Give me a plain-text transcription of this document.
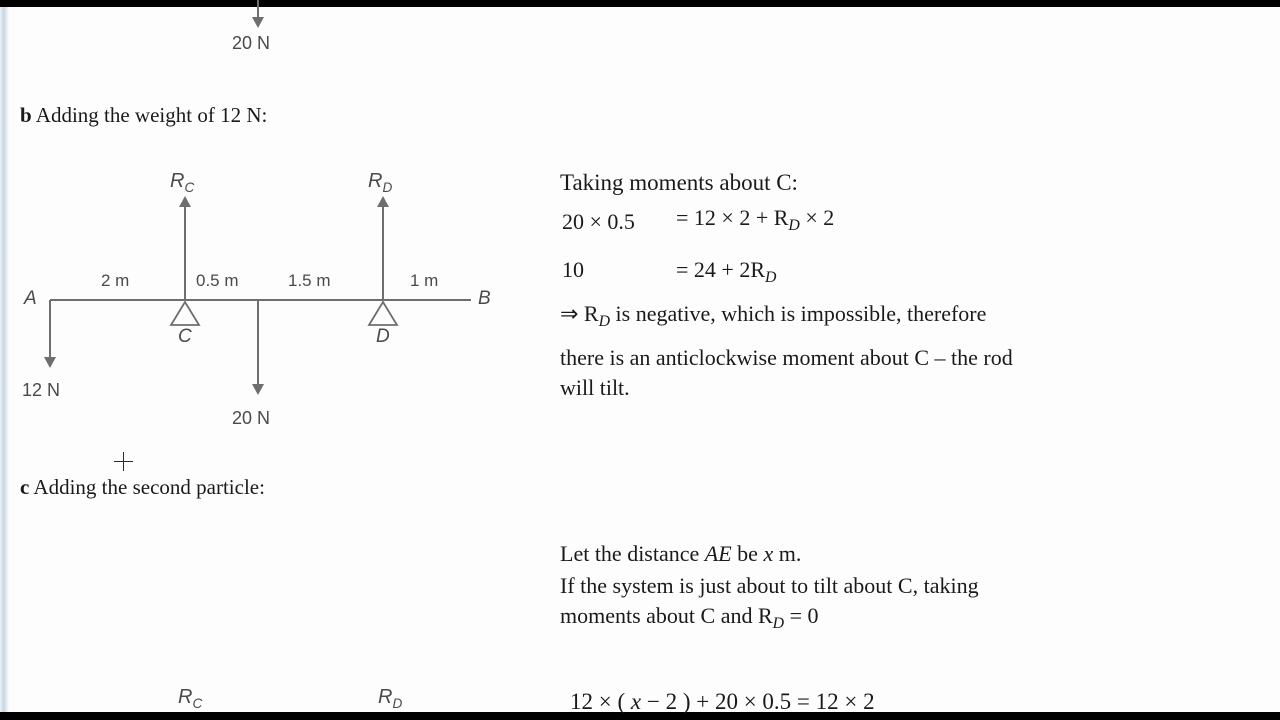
20 N
b Adding the weight of 12 N:
A	B
12 N
$R_C$
C
20 N
$R_D$
D
2 m	0.5 m	1.5 m	1 m
Taking moments about C:
$20 \times 0.5 = 12 \times 2 + R_D \times 2$
10	= $24 + 2R_D$
⇒ $R_D$ is negative, which is impossible, therefore
there is an anticlockwise moment about C – the rod
will tilt.
c Adding the second particle:
Let the distance AE be x m.
If the system is just about to tilt about C, taking
moments about C and $R_D = 0$
12 × ( x − 2 ) + 20 × 0.5 = 12 × 2
$R_C$	$R_D$
